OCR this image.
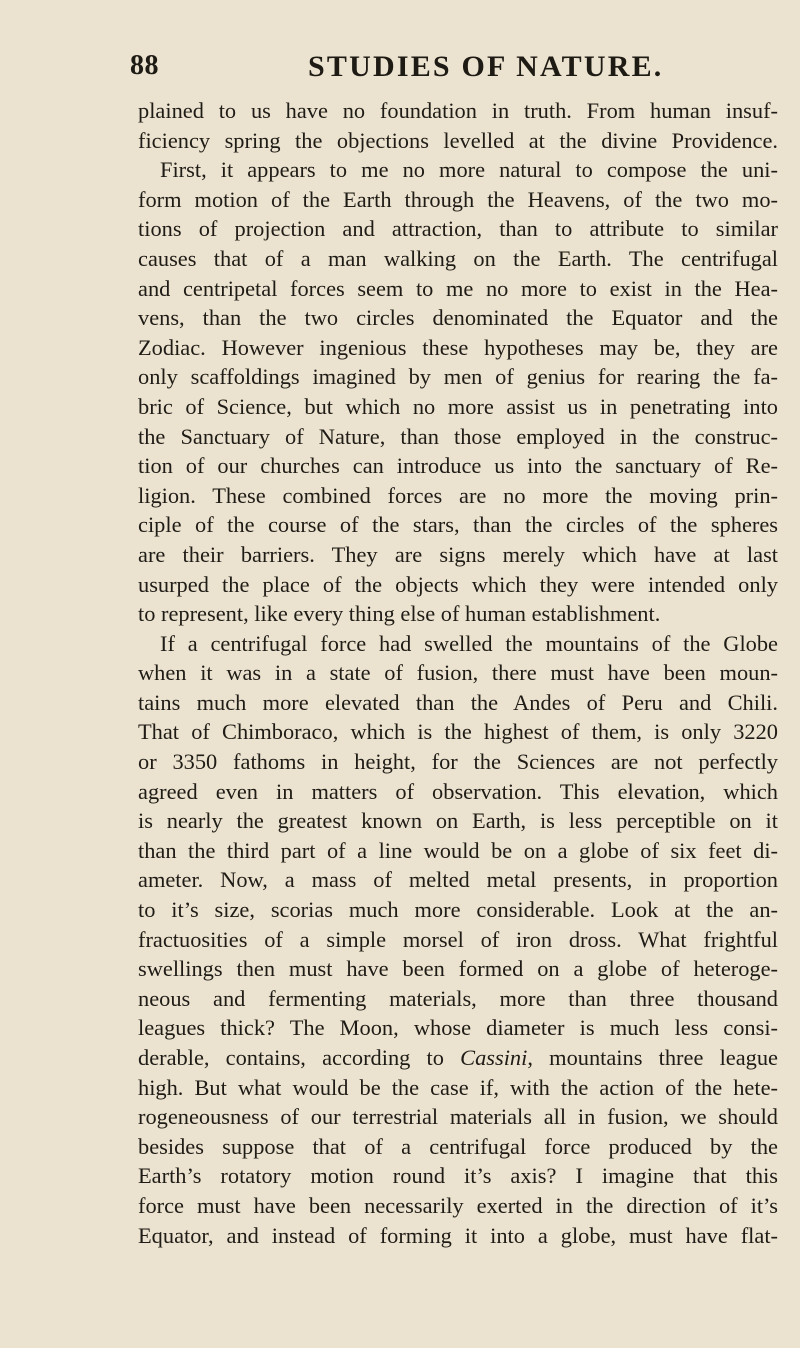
88	STUDIES OF NATURE.
plained to us have no foundation in truth. From human insuf-
ficiency spring the objections levelled at the divine Providence.
First, it appears to me no more natural to compose the uni-
form motion of the Earth through the Heavens, of the two mo-
tions of projection and attraction, than to attribute to similar
causes that of a man walking on the Earth. The centrifugal
and centripetal forces seem to me no more to exist in the Hea-
vens, than the two circles denominated the Equator and the
Zodiac. However ingenious these hypotheses may be, they are
only scaffoldings imagined by men of genius for rearing the fa-
bric of Science, but which no more assist us in penetrating into
the Sanctuary of Nature, than those employed in the construc-
tion of our churches can introduce us into the sanctuary of Re-
ligion. These combined forces are no more the moving prin-
ciple of the course of the stars, than the circles of the spheres
are their barriers. They are signs merely which have at last
usurped the place of the objects which they were intended only
to represent, like every thing else of human establishment.
If a centrifugal force had swelled the mountains of the Globe
when it was in a state of fusion, there must have been moun-
tains much more elevated than the Andes of Peru and Chili.
That of Chimboraco, which is the highest of them, is only 3220
or 3350 fathoms in height, for the Sciences are not perfectly
agreed even in matters of observation. This elevation, which
is nearly the greatest known on Earth, is less perceptible on it
than the third part of a line would be on a globe of six feet di-
ameter. Now, a mass of melted metal presents, in proportion
to it’s size, scorias much more considerable. Look at the an-
fractuosities of a simple morsel of iron dross. What frightful
swellings then must have been formed on a globe of heteroge-
neous and fermenting materials, more than three thousand
leagues thick? The Moon, whose diameter is much less consi-
derable, contains, according to Cassini, mountains three league
high. But what would be the case if, with the action of the hete-
rogeneousness of our terrestrial materials all in fusion, we should
besides suppose that of a centrifugal force produced by the
Earth’s rotatory motion round it’s axis? I imagine that this
force must have been necessarily exerted in the direction of it’s
Equator, and instead of forming it into a globe, must have flat-
